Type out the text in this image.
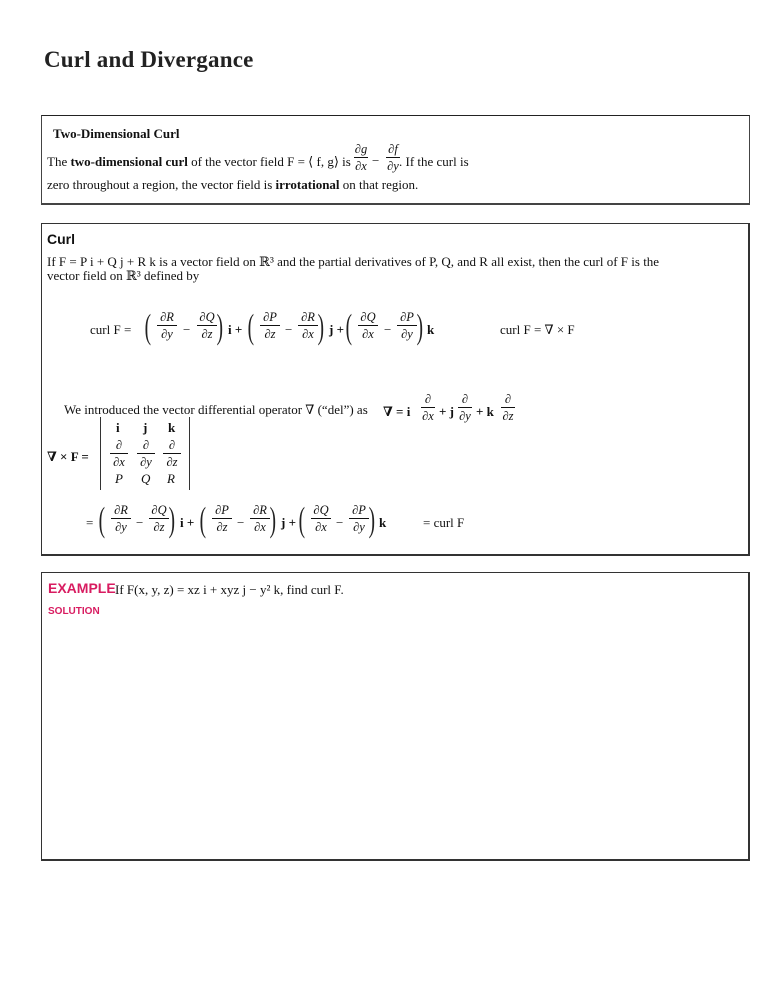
Curl and Divergance
Two-Dimensional Curl
The two-dimensional curl of the vector field F = ⟨ f, g⟩ is
∂g
∂x −
∂f
∂y . If the curl is
zero throughout a region, the vector field is irrotational on that region.
Curl
If F = P i + Q j + R k is a vector field on ℝ³ and the partial derivatives of P, Q, and R all exist, then the curl of F is the
vector field on ℝ³ defined by
curl F = ( ∂R
∂y −
∂Q
∂z ) i + ( ∂P
∂z −
∂R
∂x ) j + ( ∂Q
∂x −
∂P
∂y ) k	curl F = ∇ × F
We introduced the vector differential operator ∇ (“del”) as ∇ = i
∂
∂x + j
∂
∂y + k
∂
∂z
∇ × F =
i j k
∂
∂x
∂
∂y
∂
∂z
P Q R
= ( ∂R
∂y −
∂Q
∂z ) i + ( ∂P
∂z −
∂R
∂x ) j + ( ∂Q
∂x −
∂P
∂y ) k	= curl F
EXAMPLE If F(x, y, z) = xz i + xyz j − y² k, find curl F.
SOLUTION
